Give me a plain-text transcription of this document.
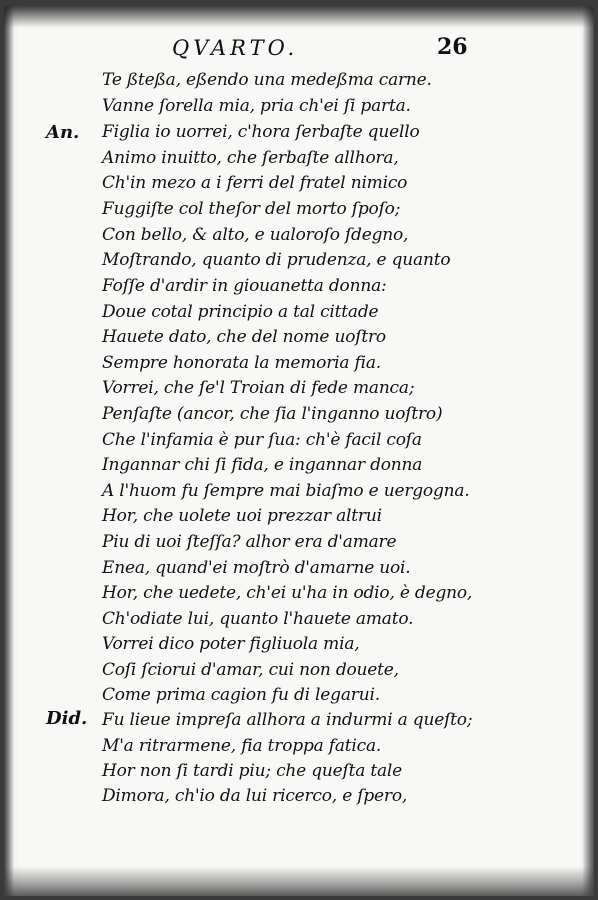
QVARTO.	26
An.
Did.
Te ßteßa, eßendo una medeßma carne.
Vanne ſorella mia, pria ch'ei ſi parta.
Figlia io uorrei, c'hora ſerbaſte quello
Animo inuitto, che ſerbaſte allhora,
Ch'in mezo a i ferri del fratel nimico
Fuggiſte col theſor del morto ſpoſo;
Con bello, & alto, e ualoroſo ſdegno,
Moſtrando, quanto di prudenza, e quanto
Foſſe d'ardir in giouanetta donna:
Doue cotal principio a tal cittade
Hauete dato, che del nome uoſtro
Sempre honorata la memoria fia.
Vorrei, che ſe'l Troian di fede manca;
Penſaſte (ancor, che ſia l'inganno uoſtro)
Che l'infamia è pur ſua: ch'è facil coſa
Ingannar chi ſi fida, e ingannar donna
A l'huom fu ſempre mai biaſmo e uergogna.
Hor, che uolete uoi prezzar altrui
Piu di uoi ſteſſa? alhor era d'amare
Enea, quand'ei moſtrò d'amarne uoi.
Hor, che uedete, ch'ei u'ha in odio, è degno,
Ch'odiate lui, quanto l'hauete amato.
Vorrei dico poter figliuola mia,
Coſi ſciorui d'amar, cui non douete,
Come prima cagion fu di legarui.
Fu lieue impreſa allhora a indurmi a queſto;
M'a ritrarmene, fia troppa fatica.
Hor non ſi tardi piu; che queſta tale
Dimora, ch'io da lui ricerco, e ſpero,
